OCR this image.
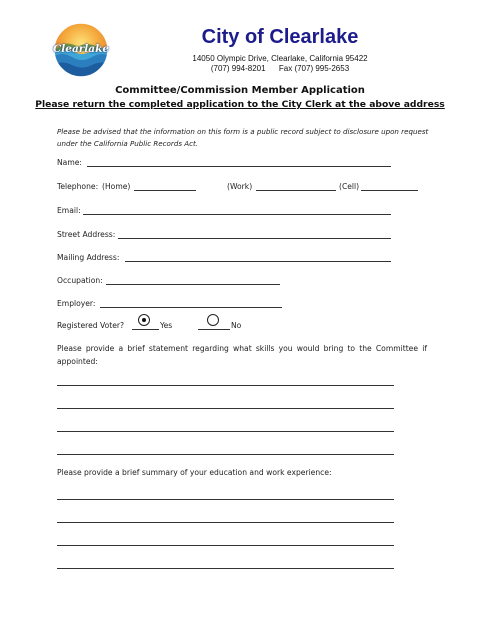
Clearlake
City of Clearlake
14050 Olympic Drive, Clearlake, California 95422
(707) 994-8201      Fax (707) 995-2653
Committee/Commission Member Application
Please return the completed application to the City Clerk at the above address
Please be advised that the information on this form is a public record subject to disclosure upon request under the California Public Records Act.
Name:
Telephone: (Home)	(Work)	(Cell)
Email:
Street Address:
Mailing Address:
Occupation:
Employer:
Registered Voter?	Yes	No
Please provide a brief statement regarding what skills you would bring to the Committee if appointed:
Please provide a brief summary of your education and work experience:
